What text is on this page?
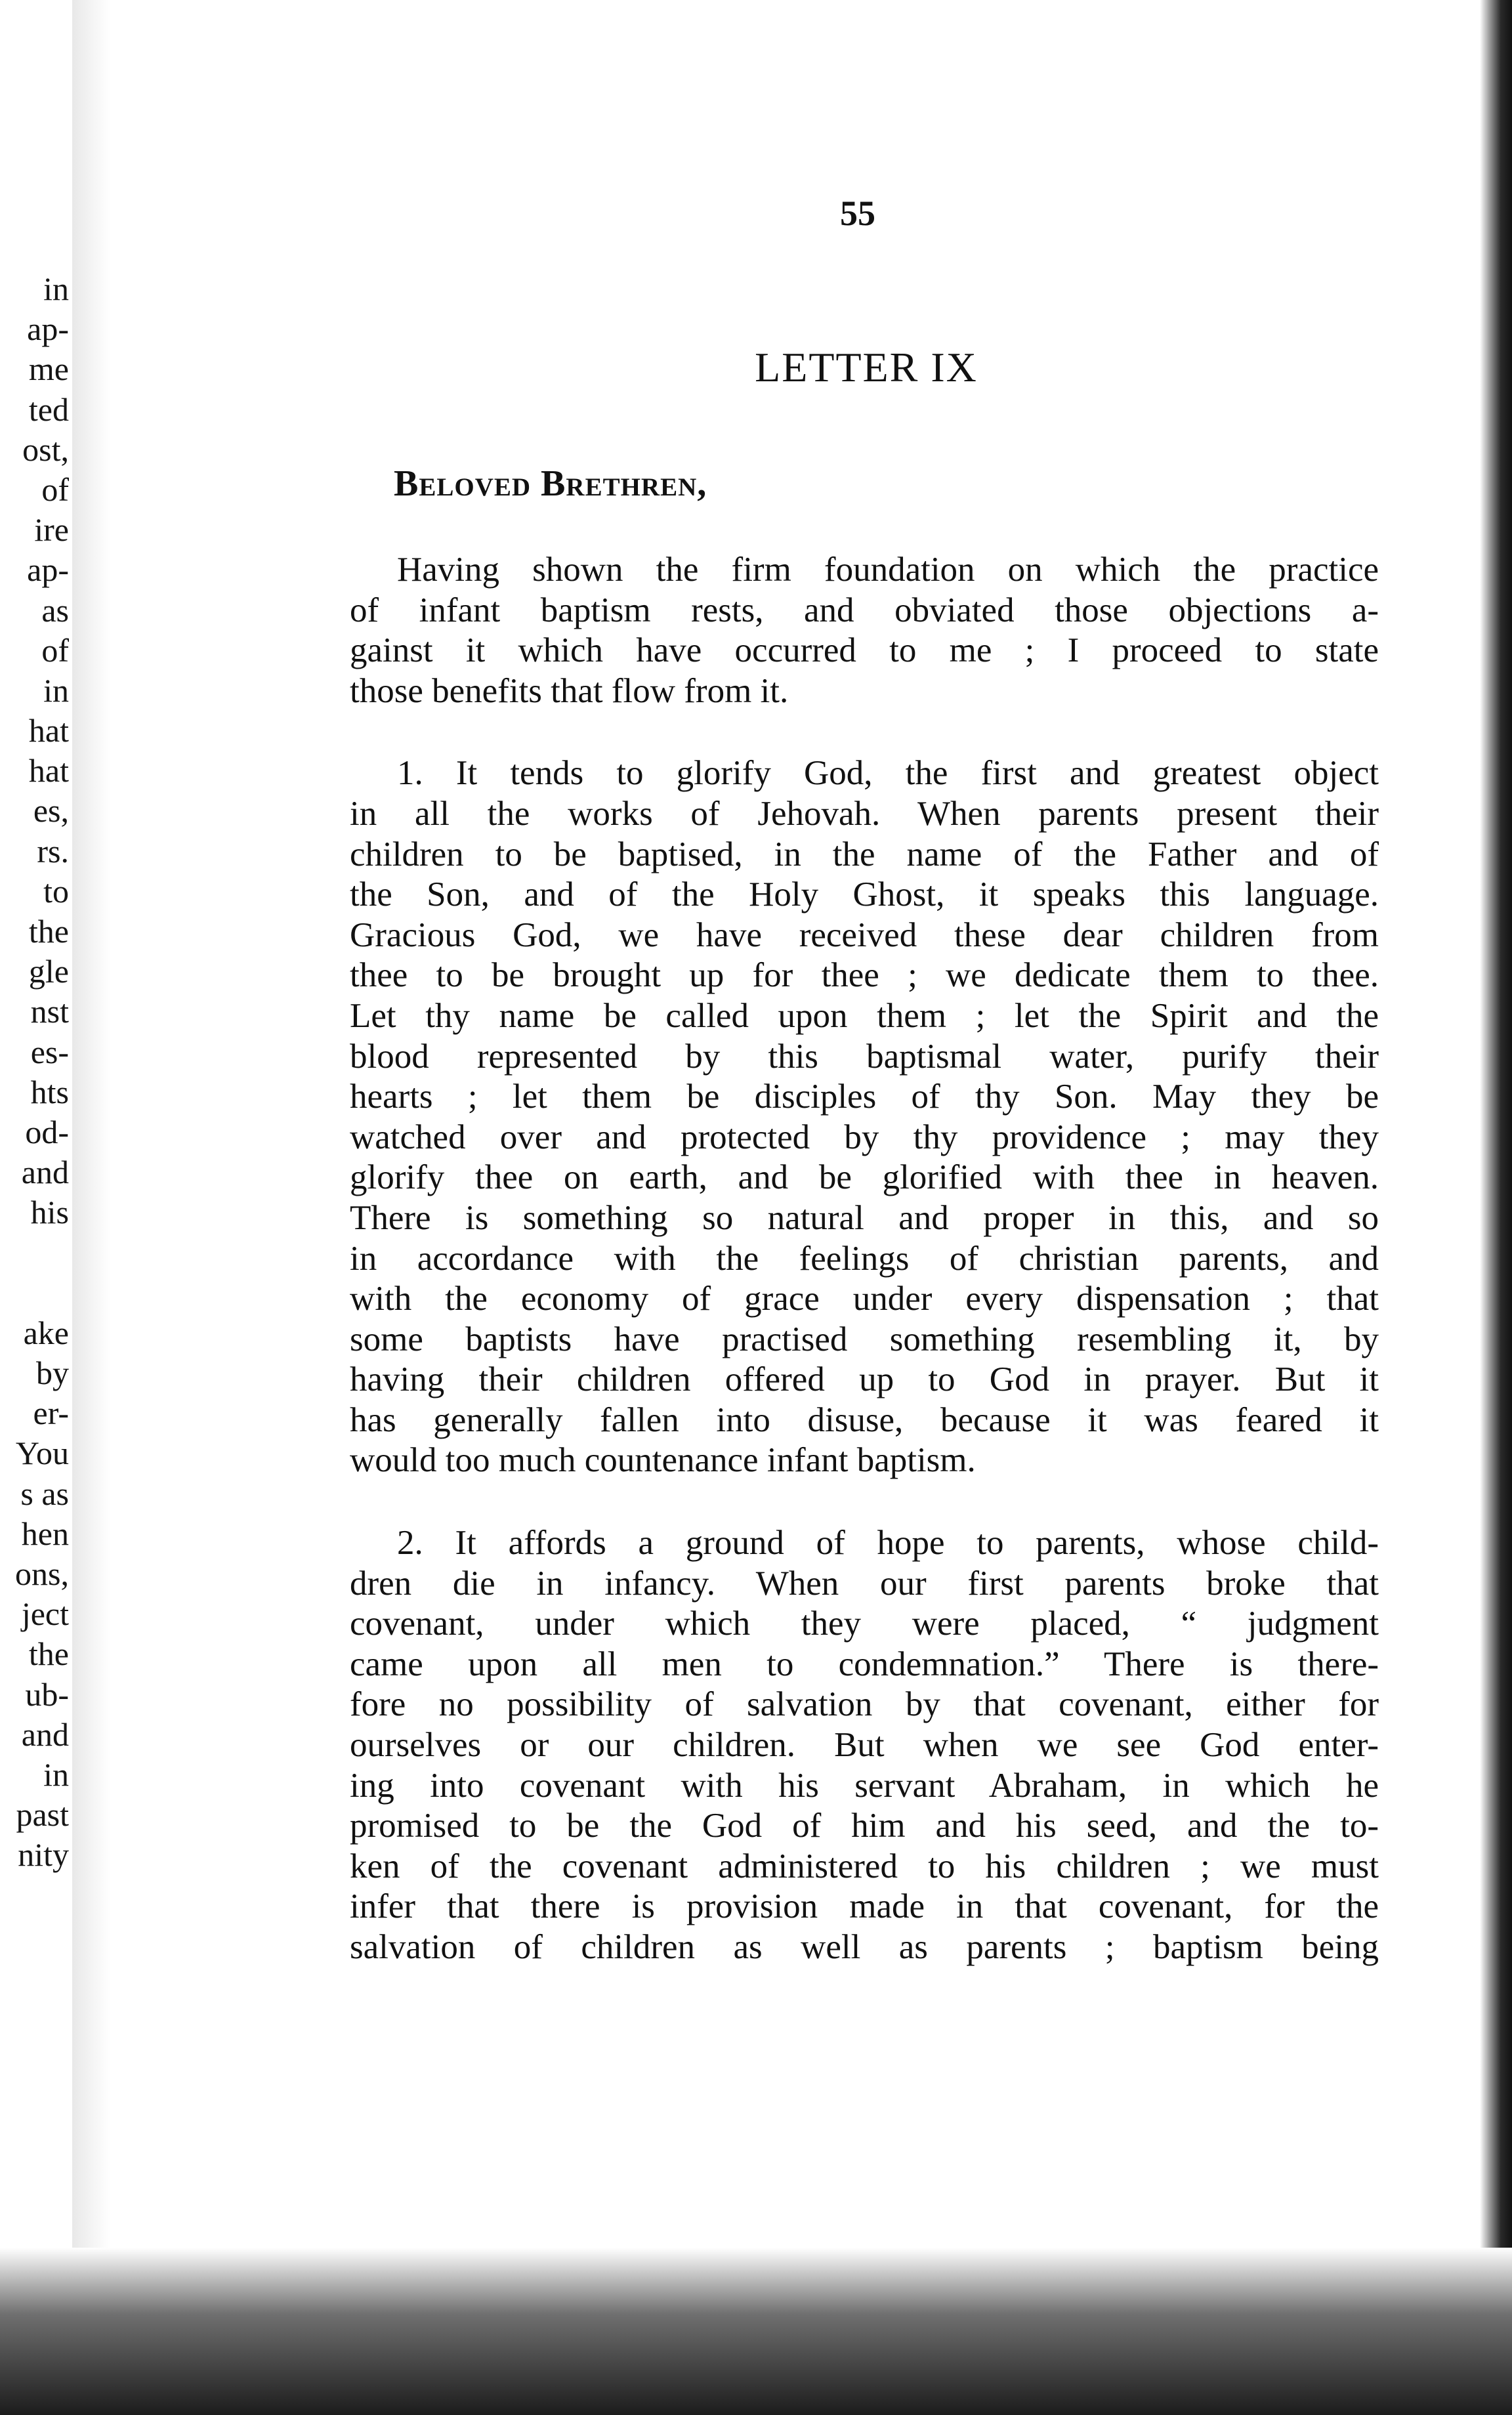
in
ap-
me
ted
ost,
of
ire
ap-
as
of
in
hat
hat
es,
rs.
to
the
gle
nst
es-
hts
od-
and
his
ake
by
er-
You
s as
hen
ons,
ject
the
ub-
and
in
past
nity
55
LETTER IX
Beloved Brethren,
Having shown the firm foundation on which the practice
of infant baptism rests, and obviated those objections a-
gainst it which have occurred to me ; I proceed to state
those benefits that flow from it.
1. It tends to glorify God, the first and greatest object
in all the works of Jehovah. When parents present their
children to be baptised, in the name of the Father and of
the Son, and of the Holy Ghost, it speaks this language.
Gracious God, we have received these dear children from
thee to be brought up for thee ; we dedicate them to thee.
Let thy name be called upon them ; let the Spirit and the
blood represented by this baptismal water, purify their
hearts ; let them be disciples of thy Son. May they be
watched over and protected by thy providence ; may they
glorify thee on earth, and be glorified with thee in heaven.
There is something so natural and proper in this, and so
in accordance with the feelings of christian parents, and
with the economy of grace under every dispensation ; that
some baptists have practised something resembling it, by
having their children offered up to God in prayer. But it
has generally fallen into disuse, because it was feared it
would too much countenance infant baptism.
2. It affords a ground of hope to parents, whose child-
dren die in infancy. When our first parents broke that
covenant, under which they were placed, “ judgment
came upon all men to condemnation.” There is there-
fore no possibility of salvation by that covenant, either for
ourselves or our children. But when we see God enter-
ing into covenant with his servant Abraham, in which he
promised to be the God of him and his seed, and the to-
ken of the covenant administered to his children ; we must
infer that there is provision made in that covenant, for the
salvation of children as well as parents ; baptism being
